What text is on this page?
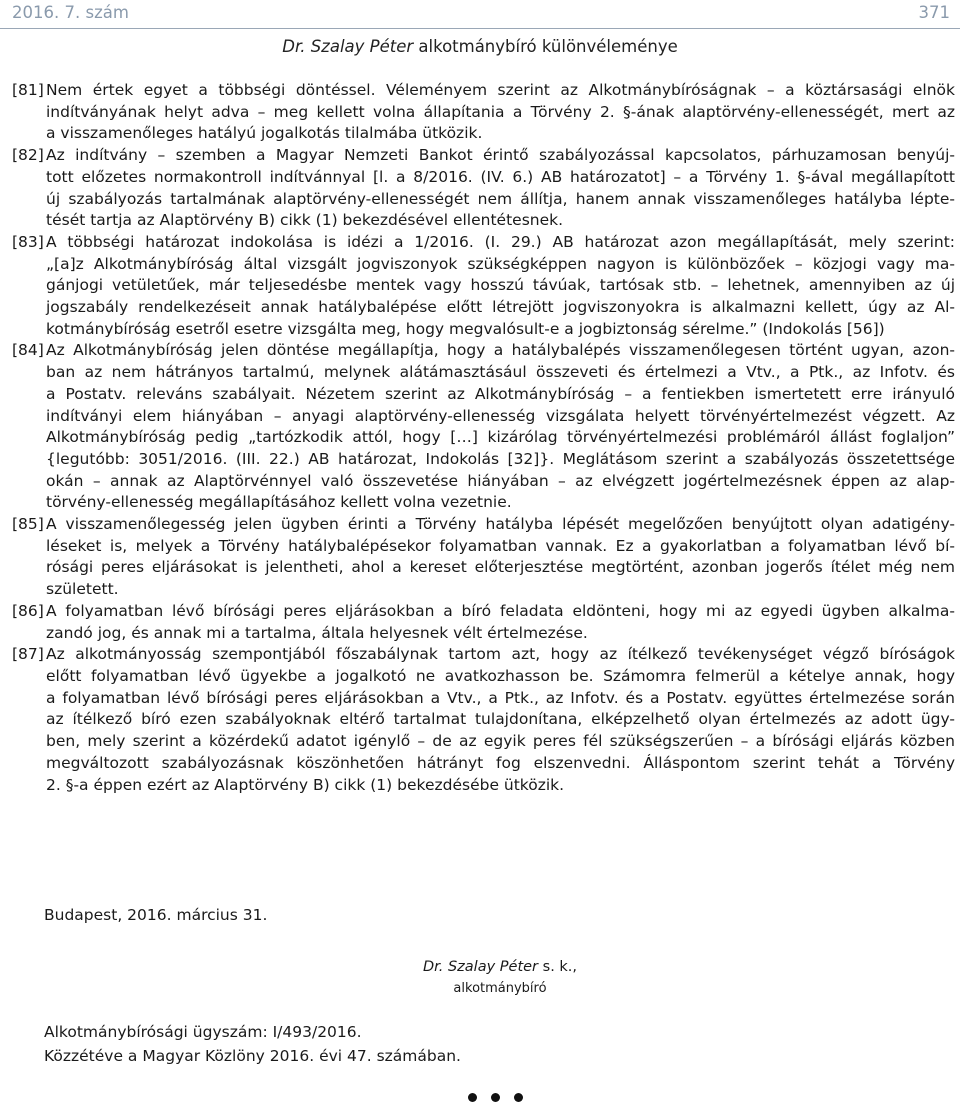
2016. 7. szám	371
Dr. Szalay Péter alkotmánybíró különvéleménye
[81] Nem értek egyet a többségi döntéssel. Véleményem szerint az Alkotmánybíróságnak – a köztársasági elnök
indítványának helyt adva – meg kellett volna állapítania a Törvény 2. §-ának alaptörvény-ellenességét, mert az
a visszamenőleges hatályú jogalkotás tilalmába ütközik.
[82] Az indítvány – szemben a Magyar Nemzeti Bankot érintő szabályozással kapcsolatos, párhuzamosan benyúj-
tott előzetes normakontroll indítvánnyal [l. a 8/2016. (IV. 6.) AB határozatot] – a Törvény 1. §-ával megállapított
új szabályozás tartalmának alaptörvény-ellenességét nem állítja, hanem annak visszamenőleges hatályba lépte-
tését tartja az Alaptörvény B) cikk (1) bekezdésével ellentétesnek.
[83] A többségi határozat indokolása is idézi a 1/2016. (I. 29.) AB határozat azon megállapítását, mely szerint:
„[a]z Alkotmánybíróság által vizsgált jogviszonyok szükségképpen nagyon is különbözőek – közjogi vagy ma-
gánjogi vetületűek, már teljesedésbe mentek vagy hosszú távúak, tartósak stb. – lehetnek, amennyiben az új
jogszabály rendelkezéseit annak hatálybalépése előtt létrejött jogviszonyokra is alkalmazni kellett, úgy az Al-
kotmánybíróság esetről esetre vizsgálta meg, hogy megvalósult-e a jogbiztonság sérelme.” (Indokolás [56])
[84] Az Alkotmánybíróság jelen döntése megállapítja, hogy a hatálybalépés visszamenőlegesen történt ugyan, azon-
ban az nem hátrányos tartalmú, melynek alátámasztásául összeveti és értelmezi a Vtv., a Ptk., az Infotv. és
a Postatv. releváns szabályait. Nézetem szerint az Alkotmánybíróság – a fentiekben ismertetett erre irányuló
indítványi elem hiányában – anyagi alaptörvény-ellenesség vizsgálata helyett törvényértelmezést végzett. Az
Alkotmánybíróság pedig „tartózkodik attól, hogy […] kizárólag törvényértelmezési problémáról állást foglaljon”
{legutóbb: 3051/2016. (III. 22.) AB határozat, Indokolás [32]}. Meglátásom szerint a szabályozás összetettsége
okán – annak az Alaptörvénnyel való összevetése hiányában – az elvégzett jogértelmezésnek éppen az alap-
törvény-ellenesség megállapításához kellett volna vezetnie.
[85] A visszamenőlegesség jelen ügyben érinti a Törvény hatályba lépését megelőzően benyújtott olyan adatigény-
léseket is, melyek a Törvény hatálybalépésekor folyamatban vannak. Ez a gyakorlatban a folyamatban lévő bí-
rósági peres eljárásokat is jelentheti, ahol a kereset előterjesztése megtörtént, azonban jogerős ítélet még nem
született.
[86] A folyamatban lévő bírósági peres eljárásokban a bíró feladata eldönteni, hogy mi az egyedi ügyben alkalma-
zandó jog, és annak mi a tartalma, általa helyesnek vélt értelmezése.
[87] Az alkotmányosság szempontjából főszabálynak tartom azt, hogy az ítélkező tevékenységet végző bíróságok
előtt folyamatban lévő ügyekbe a jogalkotó ne avatkozhasson be. Számomra felmerül a kételye annak, hogy
a folyamatban lévő bírósági peres eljárásokban a Vtv., a Ptk., az Infotv. és a Postatv. együttes értelmezése során
az ítélkező bíró ezen szabályoknak eltérő tartalmat tulajdonítana, elképzelhető olyan értelmezés az adott ügy-
ben, mely szerint a közérdekű adatot igénylő – de az egyik peres fél szükségszerűen – a bírósági eljárás közben
megváltozott szabályozásnak köszönhetően hátrányt fog elszenvedni. Álláspontom szerint tehát a Törvény
2. §-a éppen ezért az Alaptörvény B) cikk (1) bekezdésébe ütközik.
Budapest, 2016. március 31.
Dr. Szalay Péter s. k.,
alkotmánybíró
Alkotmánybírósági ügyszám: I/493/2016.
Közzétéve a Magyar Közlöny 2016. évi 47. számában.
